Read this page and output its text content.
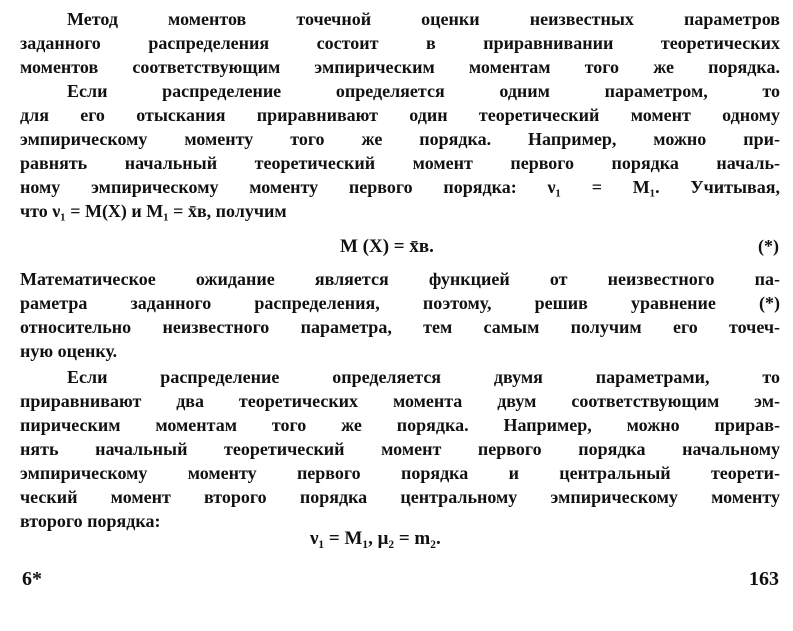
Метод моментов точечной оценки неизвестных параметров
заданного распределения состоит в приравнивании теоретических
моментов соответствующим эмпирическим моментам того же порядка.
Если распределение определяется одним параметром, то
для его отыскания приравнивают один теоретический момент одному
эмпирическому моменту того же порядка. Например, можно при-
равнять начальный теоретический момент первого порядка началь-
ному эмпирическому моменту первого порядка: ν₁ = M₁. Учитывая,
что ν₁ = M(X) и M₁ = x̄в, получим
M (X) = x̄в.	(*)
Математическое ожидание является функцией от неизвестного па-
раметра заданного распределения, поэтому, решив уравнение (*)
относительно неизвестного параметра, тем самым получим его точеч-
ную оценку.
Если распределение определяется двумя параметрами, то
приравнивают два теоретических момента двум соответствующим эм-
пирическим моментам того же порядка. Например, можно прирав-
нять начальный теоретический момент первого порядка начальному
эмпирическому моменту первого порядка и центральный теорети-
ческий момент второго порядка центральному эмпирическому моменту
второго порядка:
ν₁ = M₁, μ₂ = m₂.
6*	163
